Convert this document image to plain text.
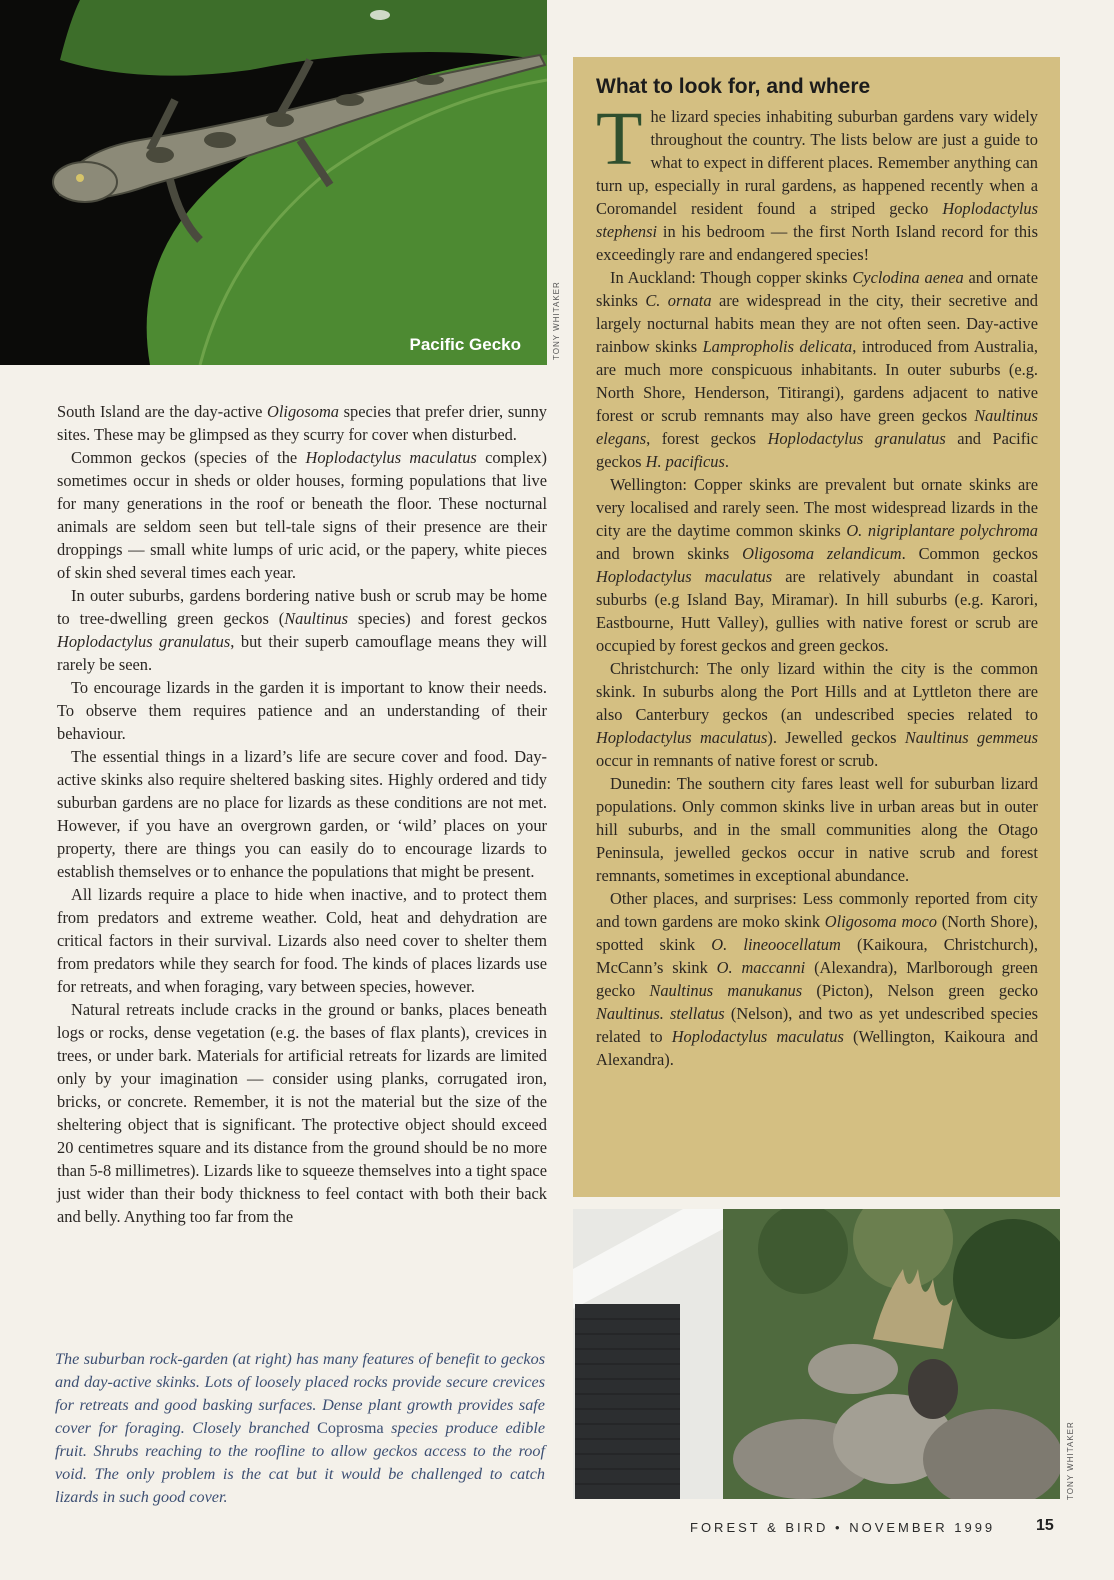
Pacific Gecko	TONY WHITAKER

South Island are the day-active Oligosoma species that prefer drier, sunny sites. These may be glimpsed as they scurry for cover when disturbed.

Common geckos (species of the Hoplodactylus maculatus complex) sometimes occur in sheds or older houses, forming populations that live for many generations in the roof or beneath the floor. These nocturnal animals are seldom seen but tell-tale signs of their presence are their droppings — small white lumps of uric acid, or the papery, white pieces of skin shed several times each year.

In outer suburbs, gardens bordering native bush or scrub may be home to tree-dwelling green geckos (Naultinus species) and forest geckos Hoplodactylus granulatus, but their superb camouflage means they will rarely be seen.

To encourage lizards in the garden it is important to know their needs. To observe them requires patience and an understanding of their behaviour.

The essential things in a lizard’s life are secure cover and food. Day-active skinks also require sheltered basking sites. Highly ordered and tidy suburban gardens are no place for lizards as these conditions are not met. However, if you have an overgrown garden, or ‘wild’ places on your property, there are things you can easily do to encourage lizards to establish themselves or to enhance the populations that might be present.

All lizards require a place to hide when inactive, and to protect them from predators and extreme weather. Cold, heat and dehydration are critical factors in their survival. Lizards also need cover to shelter them from predators while they search for food. The kinds of places lizards use for retreats, and when foraging, vary between species, however.

Natural retreats include cracks in the ground or banks, places beneath logs or rocks, dense vegetation (e.g. the bases of flax plants), crevices in trees, or under bark. Materials for artificial retreats for lizards are limited only by your imagination — consider using planks, corrugated iron, bricks, or concrete. Remember, it is not the material but the size of the sheltering object that is significant. The protective object should exceed 20 centimetres square and its distance from the ground should be no more than 5-8 millimetres). Lizards like to squeeze themselves into a tight space just wider than their body thickness to feel contact with both their back and belly. Anything too far from the

The suburban rock-garden (at right) has many features of benefit to geckos and day-active skinks. Lots of loosely placed rocks provide secure crevices for retreats and good basking surfaces. Dense plant growth provides safe cover for foraging. Closely branched Coprosma species produce edible fruit. Shrubs reaching to the roofline to allow geckos access to the roof void. The only problem is the cat but it would be challenged to catch lizards in such good cover.
What to look for, and where

The lizard species inhabiting suburban gardens vary widely throughout the country. The lists below are just a guide to what to expect in different places. Remember anything can turn up, especially in rural gardens, as happened recently when a Coromandel resident found a striped gecko Hoplodactylus stephensi in his bedroom — the first North Island record for this exceedingly rare and endangered species!

In Auckland: Though copper skinks Cyclodina aenea and ornate skinks C. ornata are widespread in the city, their secretive and largely nocturnal habits mean they are not often seen. Day-active rainbow skinks Lampropholis delicata, introduced from Australia, are much more conspicuous inhabitants. In outer suburbs (e.g. North Shore, Henderson, Titirangi), gardens adjacent to native forest or scrub remnants may also have green geckos Naultinus elegans, forest geckos Hoplodactylus granulatus and Pacific geckos H. pacificus.

Wellington: Copper skinks are prevalent but ornate skinks are very localised and rarely seen. The most widespread lizards in the city are the daytime common skinks O. nigriplantare polychroma and brown skinks Oligosoma zelandicum. Common geckos Hoplodactylus maculatus are relatively abundant in coastal suburbs (e.g Island Bay, Miramar). In hill suburbs (e.g. Karori, Eastbourne, Hutt Valley), gullies with native forest or scrub are occupied by forest geckos and green geckos.

Christchurch: The only lizard within the city is the common skink. In suburbs along the Port Hills and at Lyttleton there are also Canterbury geckos (an undescribed species related to Hoplodactylus maculatus). Jewelled geckos Naultinus gemmeus occur in remnants of native forest or scrub.

Dunedin: The southern city fares least well for suburban lizard populations. Only common skinks live in urban areas but in outer hill suburbs, and in the small communities along the Otago Peninsula, jewelled geckos occur in native scrub and forest remnants, sometimes in exceptional abundance.

Other places, and surprises: Less commonly reported from city and town gardens are moko skink Oligosoma moco (North Shore), spotted skink O. lineoocellatum (Kaikoura, Christchurch), McCann’s skink O. maccanni (Alexandra), Marlborough green gecko Naultinus manukanus (Picton), Nelson green gecko Naultinus. stellatus (Nelson), and two as yet undescribed species related to Hoplodactylus maculatus (Wellington, Kaikoura and Alexandra).

TONY WHITAKER
FOREST & BIRD • NOVEMBER 1999	15
